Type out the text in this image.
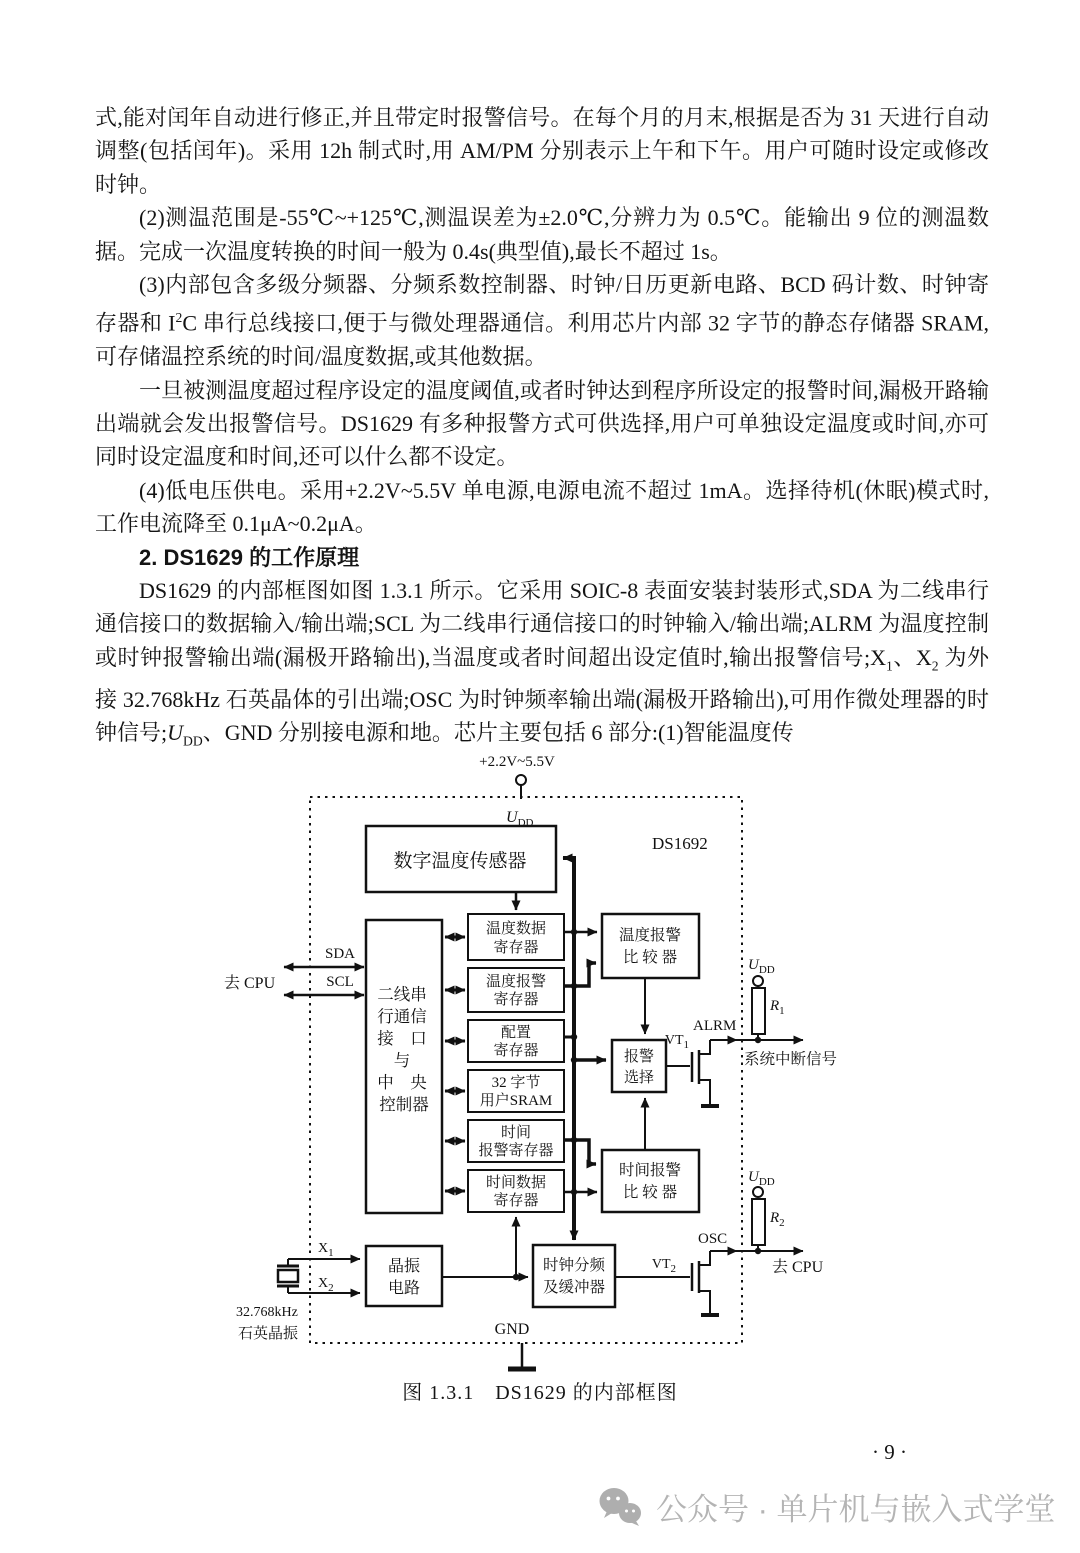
式,能对闰年自动进行修正,并且带定时报警信号。在每个月的月末,根据是否为 31 天进行自动调整(包括闰年)。采用 12h 制式时,用 AM/PM 分别表示上午和下午。用户可随时设定或修改时钟。

(2)测温范围是-55℃~+125℃,测温误差为±2.0℃,分辨力为 0.5℃。能输出 9 位的测温数据。完成一次温度转换的时间一般为 0.4s(典型值),最长不超过 1s。

(3)内部包含多级分频器、分频系数控制器、时钟/日历更新电路、BCD 码计数、时钟寄存器和 $I^2C$ 串行总线接口,便于与微处理器通信。利用芯片内部 32 字节的静态存储器 SRAM,可存储温控系统的时间/温度数据,或其他数据。

一旦被测温度超过程序设定的温度阈值,或者时钟达到程序所设定的报警时间,漏极开路输出端就会发出报警信号。DS1629 有多种报警方式可供选择,用户可单独设定温度或时间,亦可同时设定温度和时间,还可以什么都不设定。

(4)低电压供电。采用+2.2V~5.5V 单电源,电源电流不超过 1mA。选择待机(休眠)模式时,工作电流降至 0.1μA~0.2μA。

2. DS1629 的工作原理

DS1629 的内部框图如图 1.3.1 所示。它采用 SOIC-8 表面安装封装形式,SDA 为二线串行通信接口的数据输入/输出端;SCL 为二线串行通信接口的时钟输入/输出端;ALRM 为温度控制或时钟报警输出端(漏极开路输出),当温度或者时间超出设定值时,输出报警信号$;X_1$、$X_2$ 为外接 32.768kHz 石英晶体的引出端;OSC 为时钟频率输出端(漏极开路输出),可用作微处理器的时钟信号$;U_{DD}$、GND 分别接电源和地。芯片主要包括 6 部分:(1)智能温度传

+2.2V~5.5V
$U_{DD}$
DS1692
数字温度传感器
二线串 行通信 接　口 与 中　央 控制器
温度数据寄存器
温度报警寄存器
配置寄存器
32 字节用户SRAM
时间报警寄存器
时间数据寄存器
温度报警比 较 器
报警选择
时间报警比 较 器
晶振电路
时钟分频及缓冲器
去 CPU
SDA
SCL
$VT_1$
ALRM
$U_{DD}$
$R_1$
系统中断信号
$VT_2$
OSC
$U_{DD}$
$R_2$
去 CPU
$X_1$
$X_2$
32.768kHz
石英晶振	GND
图 1.3.1　DS1629 的内部框图
· 9 ·
公众号 · 单片机与嵌入式学堂
